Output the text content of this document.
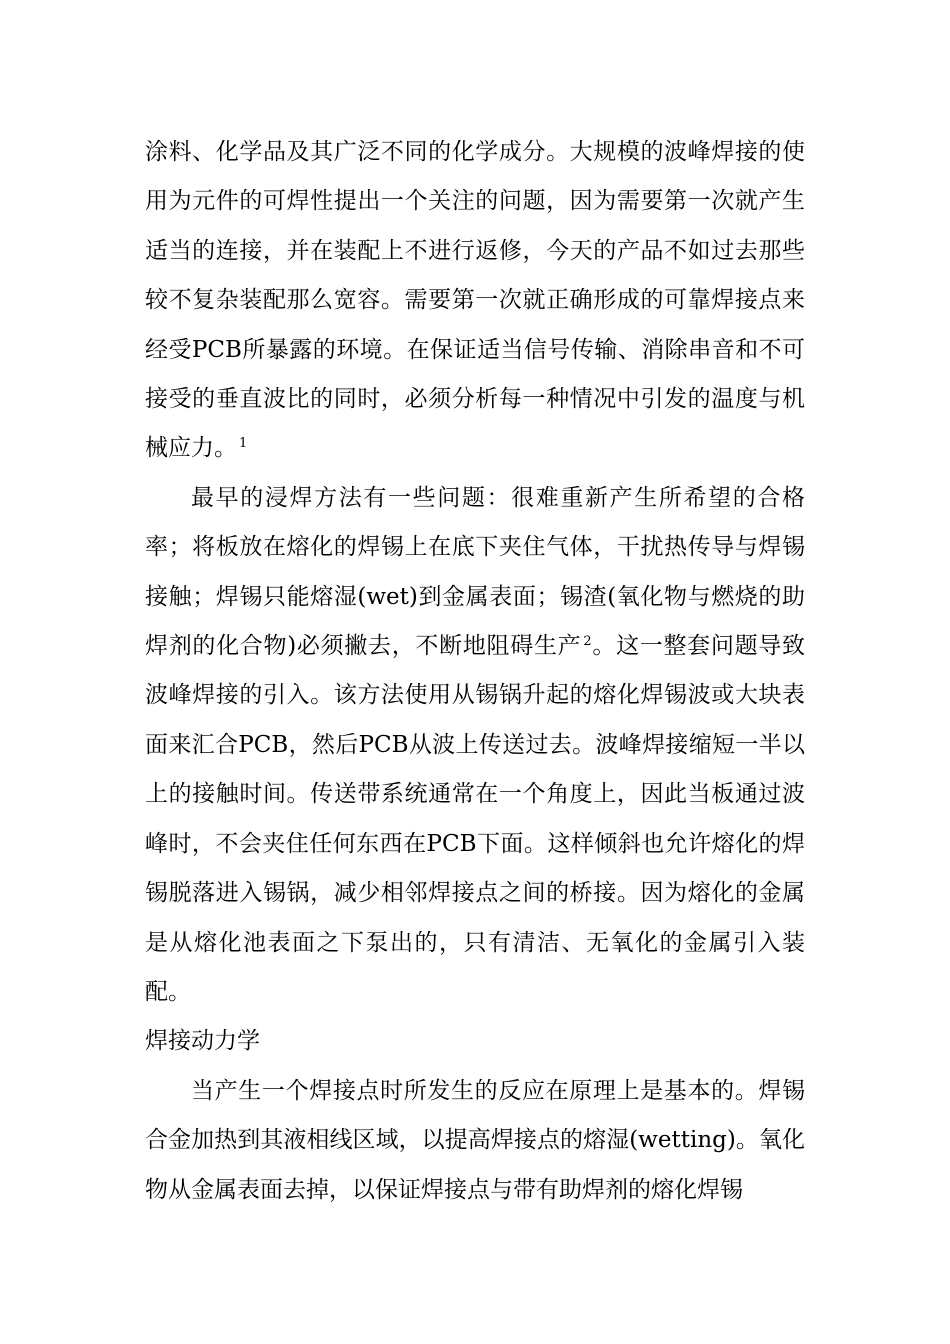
涂料、化学品及其广泛不同的化学成分。大规模的波峰焊接的使用为元件的可焊性提出一个关注的问题，因为需要第一次就产生适当的连接，并在装配上不进行返修，今天的产品不如过去那些较不复杂装配那么宽容。需要第一次就正确形成的可靠焊接点来经受PCB所暴露的环境。在保证适当信号传输、消除串音和不可接受的垂直波比的同时，必须分析每一种情况中引发的温度与机械应力。 $^1$

最早的浸焊方法有一些问题：很难重新产生所希望的合格率；将板放在熔化的焊锡上在底下夹住气体，干扰热传导与焊锡接触；焊锡只能熔湿(wet)到金属表面；锡渣(氧化物与燃烧的助焊剂的化合物)必须撇去，不断地阻碍生产 $^2$。这一整套问题导致波峰焊接的引入。该方法使用从锡锅升起的熔化焊锡波或大块表面来汇合PCB，然后PCB从波上传送过去。波峰焊接缩短一半以上的接触时间。传送带系统通常在一个角度上，因此当板通过波峰时，不会夹住任何东西在PCB下面。这样倾斜也允许熔化的焊锡脱落进入锡锅，减少相邻焊接点之间的桥接。因为熔化的金属是从熔化池表面之下泵出的，只有清洁、无氧化的金属引入装配。

焊接动力学

当产生一个焊接点时所发生的反应在原理上是基本的。焊锡合金加热到其液相线区域，以提高焊接点的熔湿(wetting)。氧化物从金属表面去掉，以保证焊接点与带有助焊剂的熔化焊锡
